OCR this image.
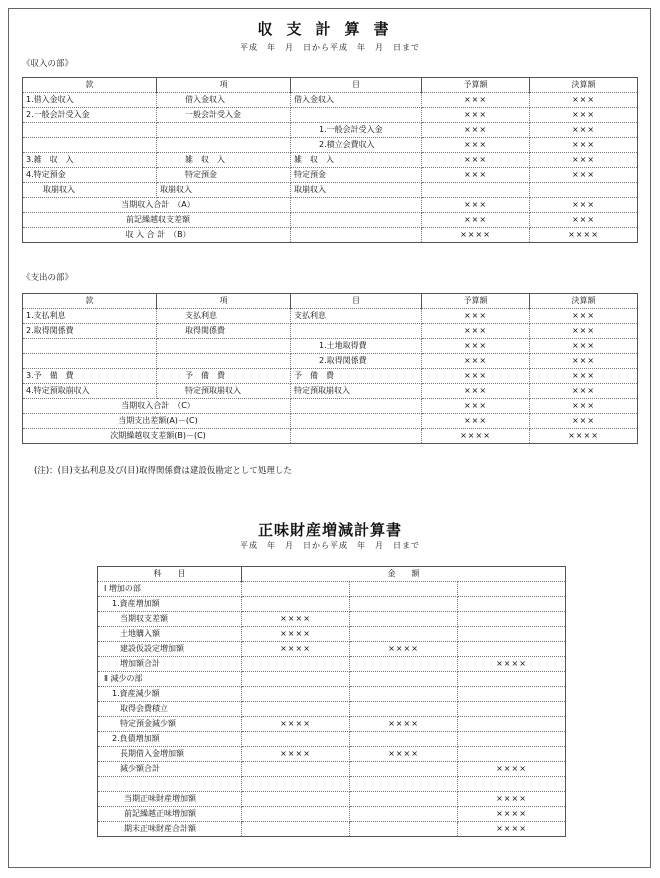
収支計算書
平成　年　月　日から平成　年　月　日まで
《収入の部》
款	項	目	予算額	決算額
1.借入金収入	借入金収入	借入金収入	×××	×××
2.一般会計受入金	一般会計受入金		×××	×××
		1.一般会計受入金	×××	×××
		2.積立会費収入	×××	×××
3.雑　収　入	雑　収　入	雑　収　入	×××	×××
4.特定預金	特定預金	特定預金	×××	×××
取崩収入	取崩収入	取崩収入		
当期収入合計　（A）			×××	×××
前記繰越収支差額			×××	×××
収 入 合 計　（B）			××××	××××
《支出の部》
款	項	目	予算額	決算額
1.支払利息	支払利息	支払利息	×××	×××
2.取得関係費	取得関係費		×××	×××
		1.土地取得費	×××	×××
		2.取得関係費	×××	×××
3.予　備　費	予　備　費	予　備　費	×××	×××
4.特定預取崩収入	特定預取崩収入	特定預取崩収入	×××	×××
当期収入合計　（C）			×××	×××
当期支出差額(A)－(C)			×××	×××
次期繰越収支差額(B)－(C)			××××	××××
(注)：(目)支払利息及び(目)取得関係費は建設仮勘定として処理した
正味財産増減計算書
平成　年　月　日から平成　年　月　日まで
科　　目	金　　額		
Ⅰ 増加の部			
1.資産増加額			
当期収支差額	××××		
土地購入額	××××		
建設仮設定増加額	××××	××××	
増加額合計			××××
Ⅱ 減少の部			
1.資産減少額			
取得会費積立			
特定預金減少額	××××	××××	
2.負債増加額			
長期借入金増加額	××××	××××	
減少額合計			××××

当期正味財産増加額			××××
前記繰越正味増加額			××××
期末正味財産合計額			××××
